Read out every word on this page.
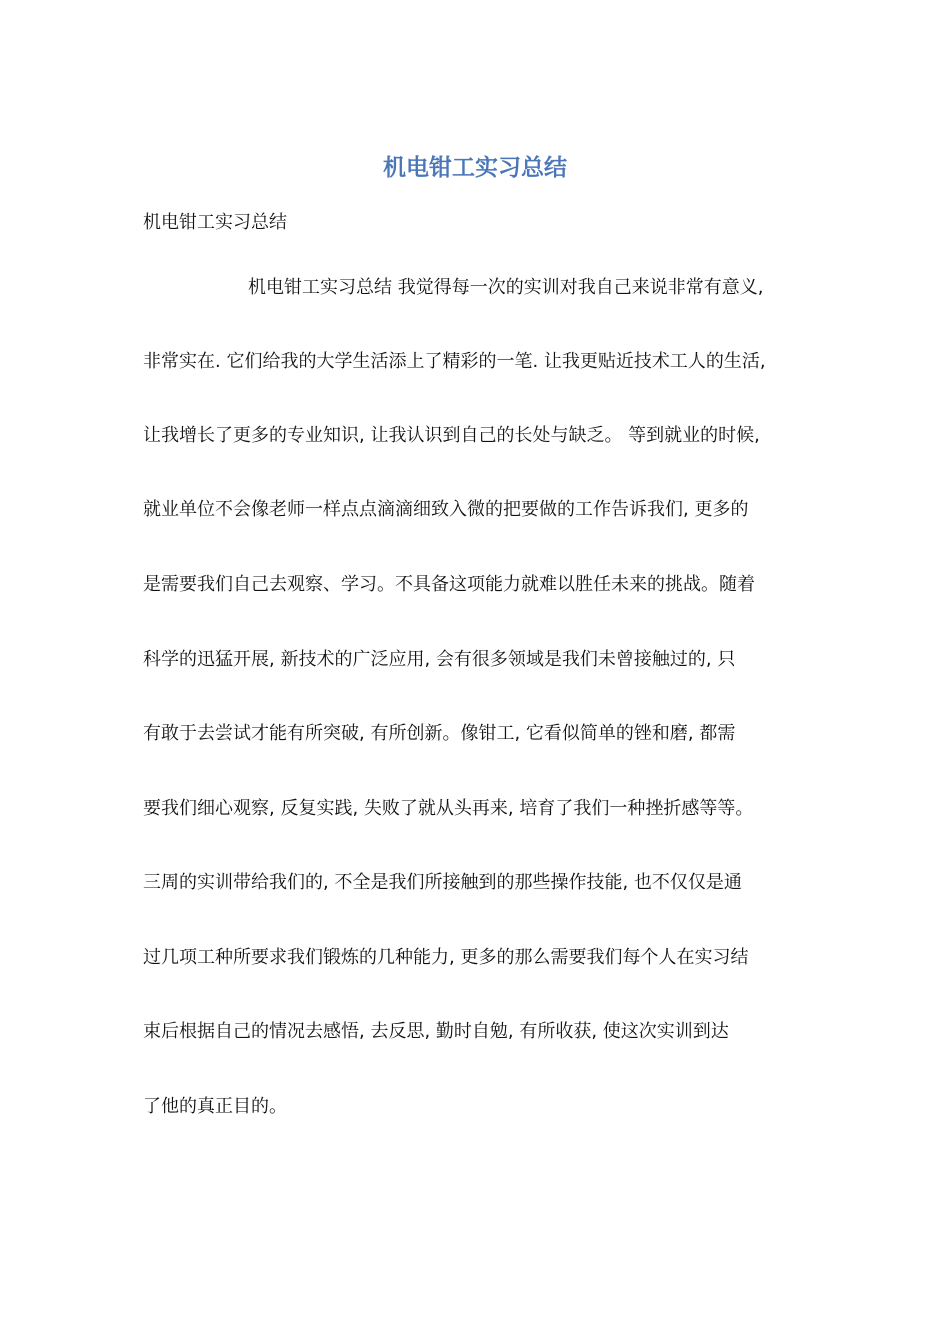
机电钳工实习总结

机电钳工实习总结

机电钳工实习总结 我觉得每一次的实训对我自己来说非常有意义,

非常实在. 它们给我的大学生活添上了精彩的一笔. 让我更贴近技术工人的生活,

让我增长了更多的专业知识, 让我认识到自己的长处与缺乏。 等到就业的时候,

就业单位不会像老师一样点点滴滴细致入微的把要做的工作告诉我们, 更多的

是需要我们自己去观察、学习。不具备这项能力就难以胜任未来的挑战。随着

科学的迅猛开展, 新技术的广泛应用, 会有很多领域是我们未曾接触过的, 只

有敢于去尝试才能有所突破, 有所创新。像钳工, 它看似简单的锉和磨, 都需

要我们细心观察, 反复实践, 失败了就从头再来, 培育了我们一种挫折感等等。

三周的实训带给我们的, 不全是我们所接触到的那些操作技能, 也不仅仅是通

过几项工种所要求我们锻炼的几种能力, 更多的那么需要我们每个人在实习结

束后根据自己的情况去感悟, 去反思, 勤时自勉, 有所收获, 使这次实训到达

了他的真正目的。
